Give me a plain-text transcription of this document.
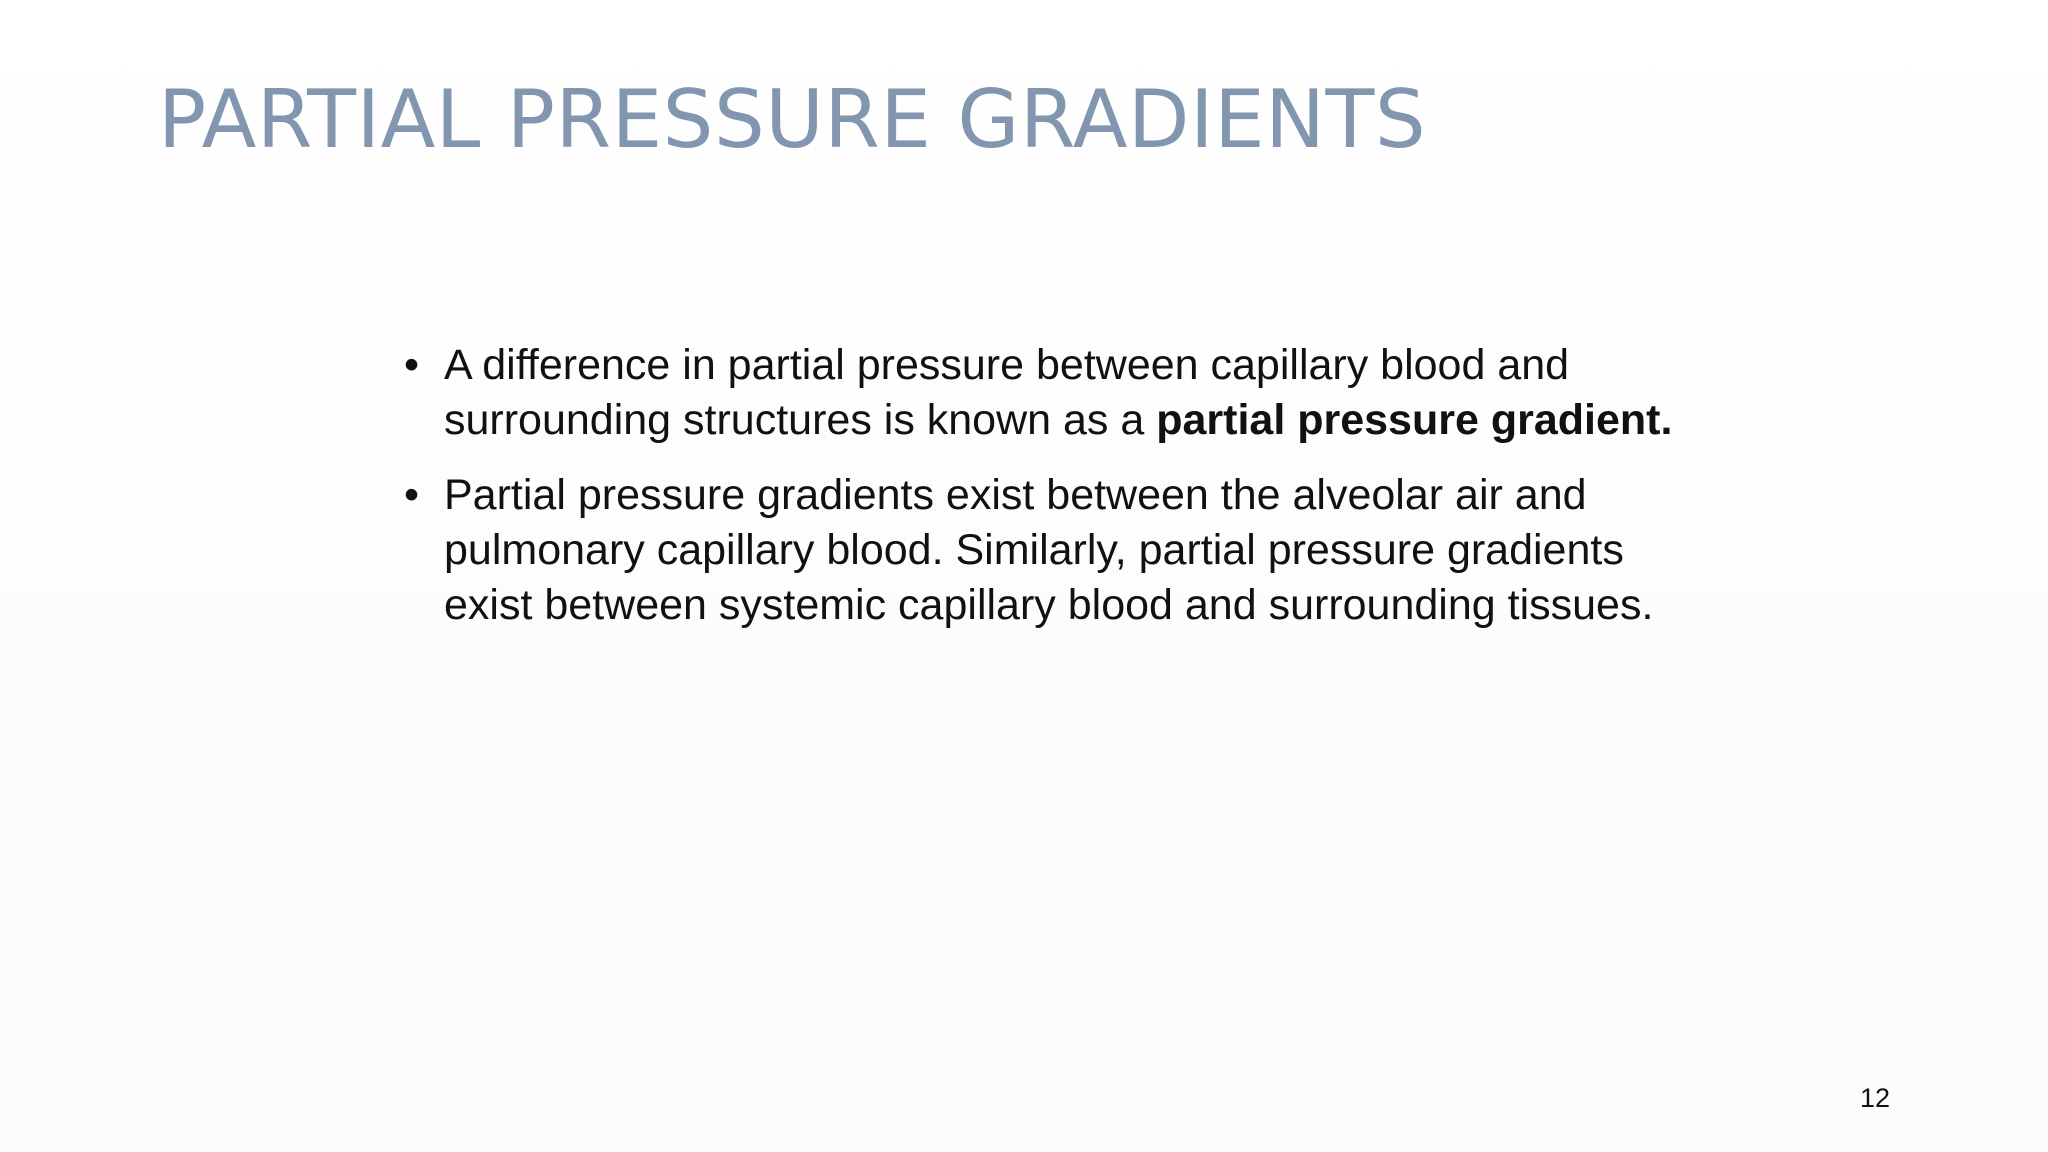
PARTIAL PRESSURE GRADIENTS
• A difference in partial pressure between capillary blood and surrounding structures is known as a partial pressure gradient.
• Partial pressure gradients exist between the alveolar air and pulmonary capillary blood. Similarly, partial pressure gradients exist between systemic capillary blood and surrounding tissues.
12
